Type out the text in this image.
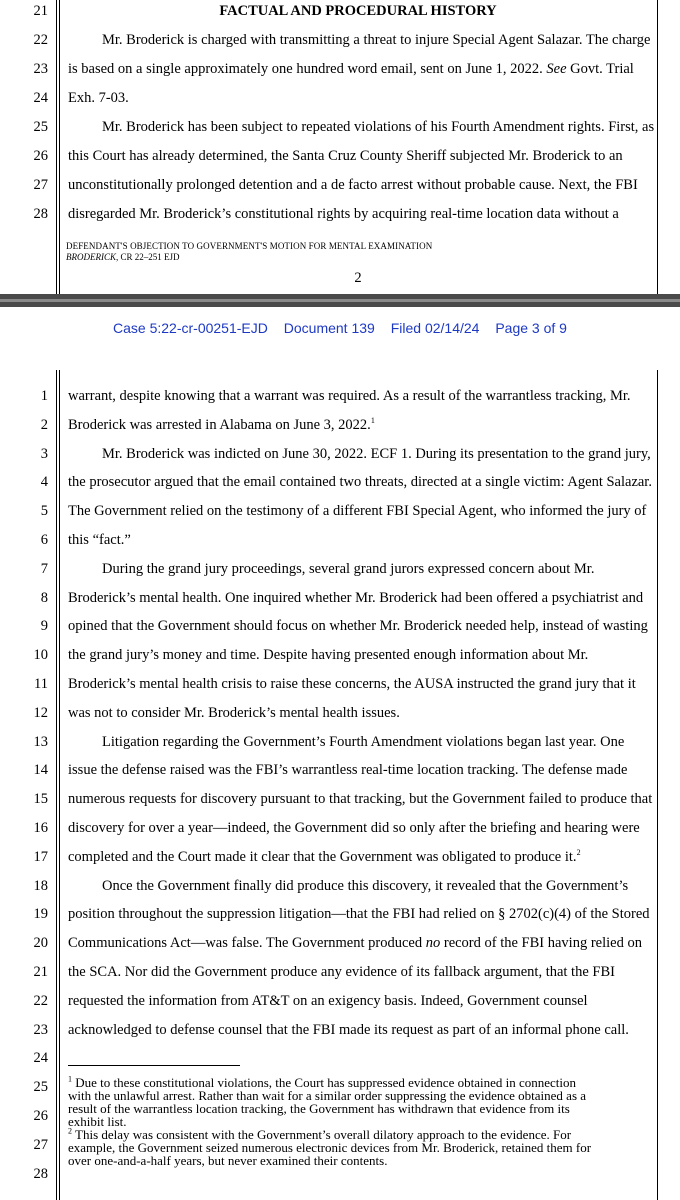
21
22
23
24
25
26
27
28
FACTUAL AND PROCEDURAL HISTORY
Mr. Broderick is charged with transmitting a threat to injure Special Agent Salazar. The charge
is based on a single approximately one hundred word email, sent on June 1, 2022. See Govt. Trial
Exh. 7-03.
Mr. Broderick has been subject to repeated violations of his Fourth Amendment rights. First, as
this Court has already determined, the Santa Cruz County Sheriff subjected Mr. Broderick to an
unconstitutionally prolonged detention and a de facto arrest without probable cause. Next, the FBI
disregarded Mr. Broderick’s constitutional rights by acquiring real-time location data without a
DEFENDANT'S OBJECTION TO GOVERNMENT'S MOTION FOR MENTAL EXAMINATION
BRODERICK, CR 22–251 EJD
2
Case 5:22-cr-00251-EJD Document 139 Filed 02/14/24 Page 3 of 9
1
2
3
4
5
6
7
8
9
10
11
12
13
14
15
16
17
18
19
20
21
22
23
24
25
26
27
28
warrant, despite knowing that a warrant was required. As a result of the warrantless tracking, Mr.
Broderick was arrested in Alabama on June 3, 2022.$^1$
Mr. Broderick was indicted on June 30, 2022. ECF 1. During its presentation to the grand jury,
the prosecutor argued that the email contained two threats, directed at a single victim: Agent Salazar.
The Government relied on the testimony of a different FBI Special Agent, who informed the jury of
this “fact.”
During the grand jury proceedings, several grand jurors expressed concern about Mr.
Broderick’s mental health. One inquired whether Mr. Broderick had been offered a psychiatrist and
opined that the Government should focus on whether Mr. Broderick needed help, instead of wasting
the grand jury’s money and time. Despite having presented enough information about Mr.
Broderick’s mental health crisis to raise these concerns, the AUSA instructed the grand jury that it
was not to consider Mr. Broderick’s mental health issues.
Litigation regarding the Government’s Fourth Amendment violations began last year. One
issue the defense raised was the FBI’s warrantless real-time location tracking. The defense made
numerous requests for discovery pursuant to that tracking, but the Government failed to produce that
discovery for over a year—indeed, the Government did so only after the briefing and hearing were
completed and the Court made it clear that the Government was obligated to produce it.$^2$
Once the Government finally did produce this discovery, it revealed that the Government’s
position throughout the suppression litigation—that the FBI had relied on § 2702(c)(4) of the Stored
Communications Act—was false. The Government produced no record of the FBI having relied on
the SCA. Nor did the Government produce any evidence of its fallback argument, that the FBI
requested the information from AT&T on an exigency basis. Indeed, Government counsel
acknowledged to defense counsel that the FBI made its request as part of an informal phone call.
$^1$ Due to these constitutional violations, the Court has suppressed evidence obtained in connection
with the unlawful arrest. Rather than wait for a similar order suppressing the evidence obtained as a
result of the warrantless location tracking, the Government has withdrawn that evidence from its
exhibit list.
$^2$ This delay was consistent with the Government’s overall dilatory approach to the evidence. For
example, the Government seized numerous electronic devices from Mr. Broderick, retained them for
over one-and-a-half years, but never examined their contents.
